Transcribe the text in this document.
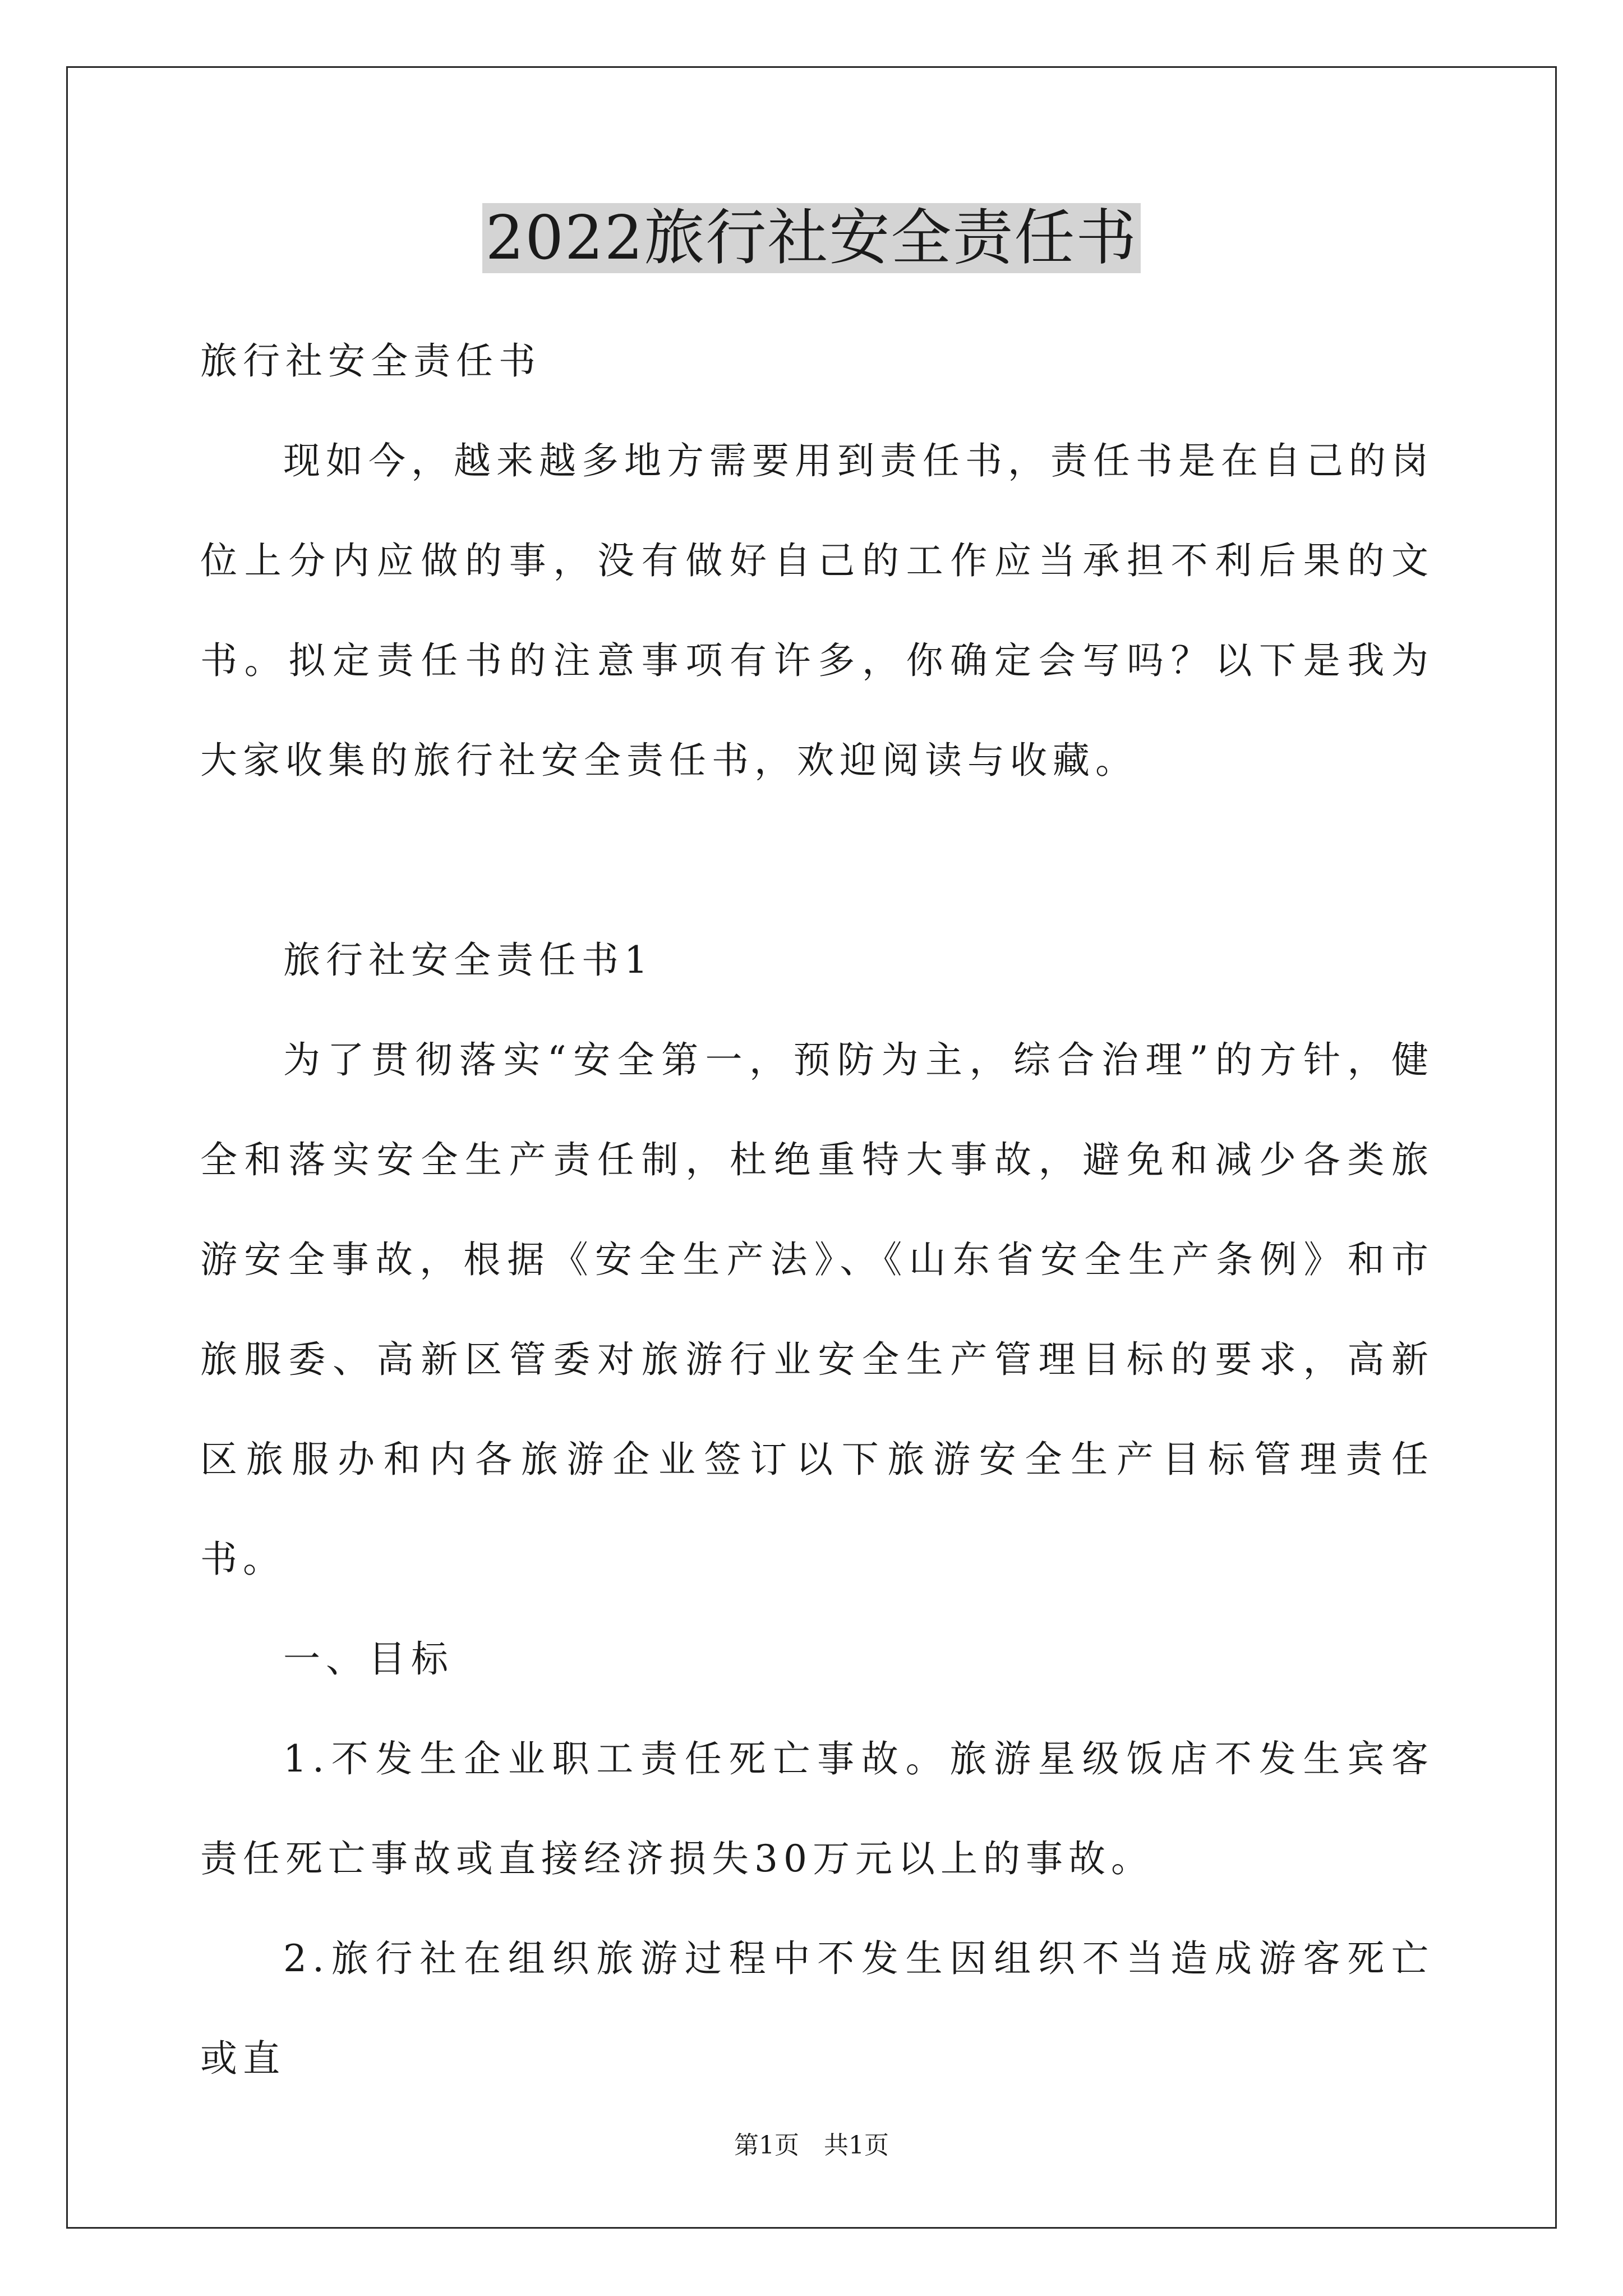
2022旅行社安全责任书

旅行社安全责任书

现如今，越来越多地方需要用到责任书，责任书是在自己的岗位上分内应做的事，没有做好自己的工作应当承担不利后果的文书。拟定责任书的注意事项有许多，你确定会写吗？以下是我为大家收集的旅行社安全责任书，欢迎阅读与收藏。

旅行社安全责任书1

为了贯彻落实“安全第一，预防为主，综合治理”的方针，健全和落实安全生产责任制，杜绝重特大事故，避免和减少各类旅游安全事故，根据《安全生产法》、《山东省安全生产条例》和市旅服委、高新区管委对旅游行业安全生产管理目标的要求，高新区旅服办和内各旅游企业签订以下旅游安全生产目标管理责任书。

一、目标

1.不发生企业职工责任死亡事故。旅游星级饭店不发生宾客责任死亡事故或直接经济损失30万元以上的事故。

2.旅行社在组织旅游过程中不发生因组织不当造成游客死亡或直

第1页　共1页
